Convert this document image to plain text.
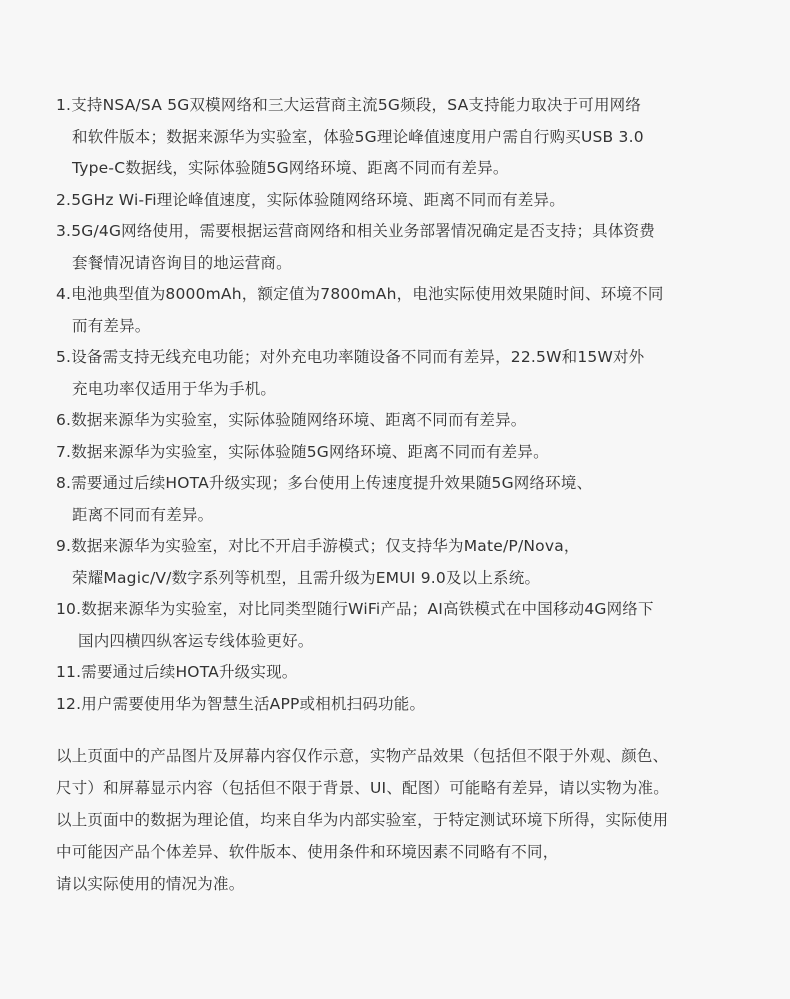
1.支持NSA/SA 5G双模网络和三大运营商主流5G频段，SA支持能力取决于可用网络
和软件版本；数据来源华为实验室，体验5G理论峰值速度用户需自行购买USB 3.0
Type-C数据线，实际体验随5G网络环境、距离不同而有差异。
2.5GHz Wi-Fi理论峰值速度，实际体验随网络环境、距离不同而有差异。
3.5G/4G网络使用，需要根据运营商网络和相关业务部署情况确定是否支持；具体资费
套餐情况请咨询目的地运营商。
4.电池典型值为8000mAh，额定值为7800mAh，电池实际使用效果随时间、环境不同
而有差异。
5.设备需支持无线充电功能；对外充电功率随设备不同而有差异，22.5W和15W对外
充电功率仅适用于华为手机。
6.数据来源华为实验室，实际体验随网络环境、距离不同而有差异。
7.数据来源华为实验室，实际体验随5G网络环境、距离不同而有差异。
8.需要通过后续HOTA升级实现；多台使用上传速度提升效果随5G网络环境、
距离不同而有差异。
9.数据来源华为实验室，对比不开启手游模式；仅支持华为Mate/P/Nova，
荣耀Magic/V/数字系列等机型，且需升级为EMUI 9.0及以上系统。
10.数据来源华为实验室，对比同类型随行WiFi产品；AI高铁模式在中国移动4G网络下
国内四横四纵客运专线体验更好。
11.需要通过后续HOTA升级实现。
12.用户需要使用华为智慧生活APP或相机扫码功能。
以上页面中的产品图片及屏幕内容仅作示意，实物产品效果（包括但不限于外观、颜色、
尺寸）和屏幕显示内容（包括但不限于背景、UI、配图）可能略有差异，请以实物为准。
以上页面中的数据为理论值，均来自华为内部实验室，于特定测试环境下所得，实际使用
中可能因产品个体差异、软件版本、使用条件和环境因素不同略有不同，
请以实际使用的情况为准。
